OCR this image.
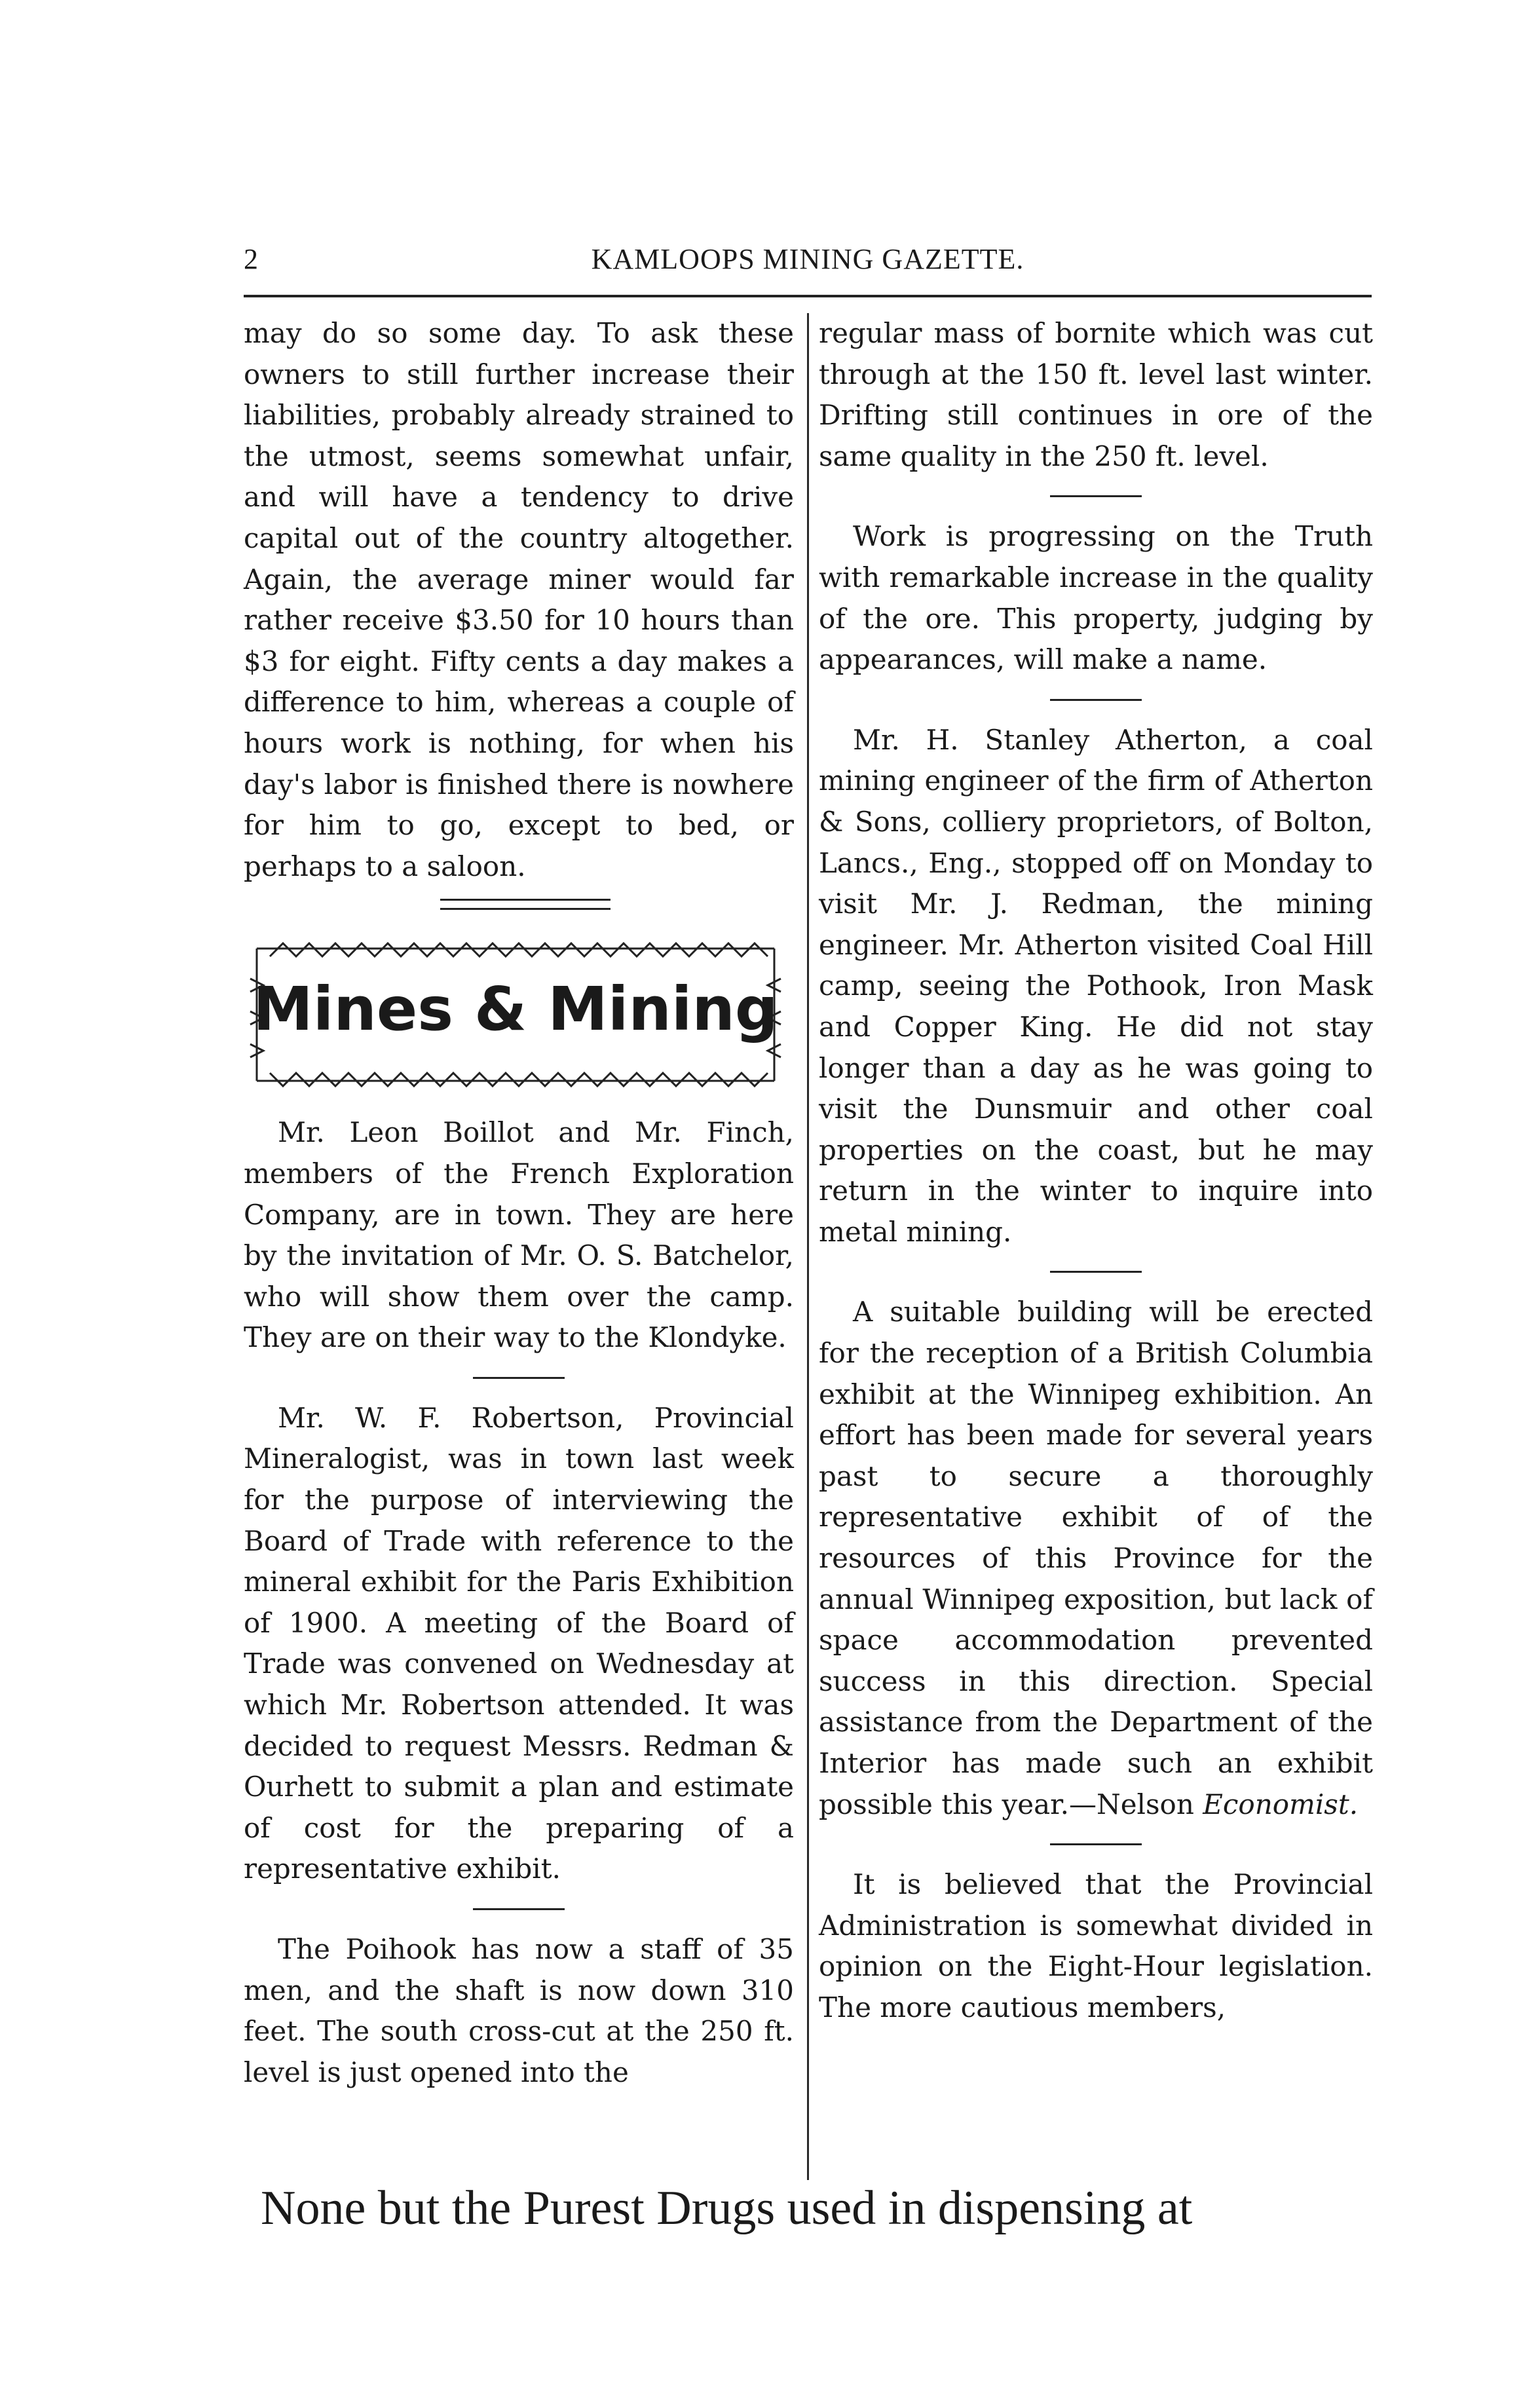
2	KAMLOOPS MINING GAZETTE.

may do so some day. To ask these owners to still further increase their liabilities, probably already strained to the utmost, seems somewhat unfair, and will have a tendency to drive capital out of the country altogether. Again, the average miner would far rather receive $3.50 for 10 hours than $3 for eight. Fifty cents a day makes a difference to him, whereas a couple of hours work is nothing, for when his day's labor is finished there is nowhere for him to go, except to bed, or perhaps to a saloon.

Mines & Mining

Mr. Leon Boillot and Mr. Finch, members of the French Exploration Company, are in town. They are here by the invitation of Mr. O. S. Batchelor, who will show them over the camp. They are on their way to the Klondyke.

Mr. W. F. Robertson, Provincial Mineralogist, was in town last week for the purpose of interviewing the Board of Trade with reference to the mineral exhibit for the Paris Exhibition of 1900. A meeting of the Board of Trade was convened on Wednesday at which Mr. Robertson attended. It was decided to request Messrs. Redman & Ourhett to submit a plan and estimate of cost for the preparing of a representative exhibit.

The Poihook has now a staff of 35 men, and the shaft is now down 310 feet. The south cross-cut at the 250 ft. level is just opened into the

regular mass of bornite which was cut through at the 150 ft. level last winter. Drifting still continues in ore of the same quality in the 250 ft. level.

Work is progressing on the Truth with remarkable increase in the quality of the ore. This property, judging by appearances, will make a name.

Mr. H. Stanley Atherton, a coal mining engineer of the firm of Atherton & Sons, colliery proprietors, of Bolton, Lancs., Eng., stopped off on Monday to visit Mr. J. Redman, the mining engineer. Mr. Atherton visited Coal Hill camp, seeing the Pothook, Iron Mask and Copper King. He did not stay longer than a day as he was going to visit the Dunsmuir and other coal properties on the coast, but he may return in the winter to inquire into metal mining.

A suitable building will be erected for the reception of a British Columbia exhibit at the Winnipeg exhibition. An effort has been made for several years past to secure a thoroughly representative exhibit of of the resources of this Province for the annual Winnipeg exposition, but lack of space accommodation prevented success in this direction. Special assistance from the Department of the Interior has made such an exhibit possible this year.—Nelson Economist.

It is believed that the Provincial Administration is somewhat divided in opinion on the Eight-Hour legislation. The more cautious members,

None but the Purest Drugs used in dispensing at
